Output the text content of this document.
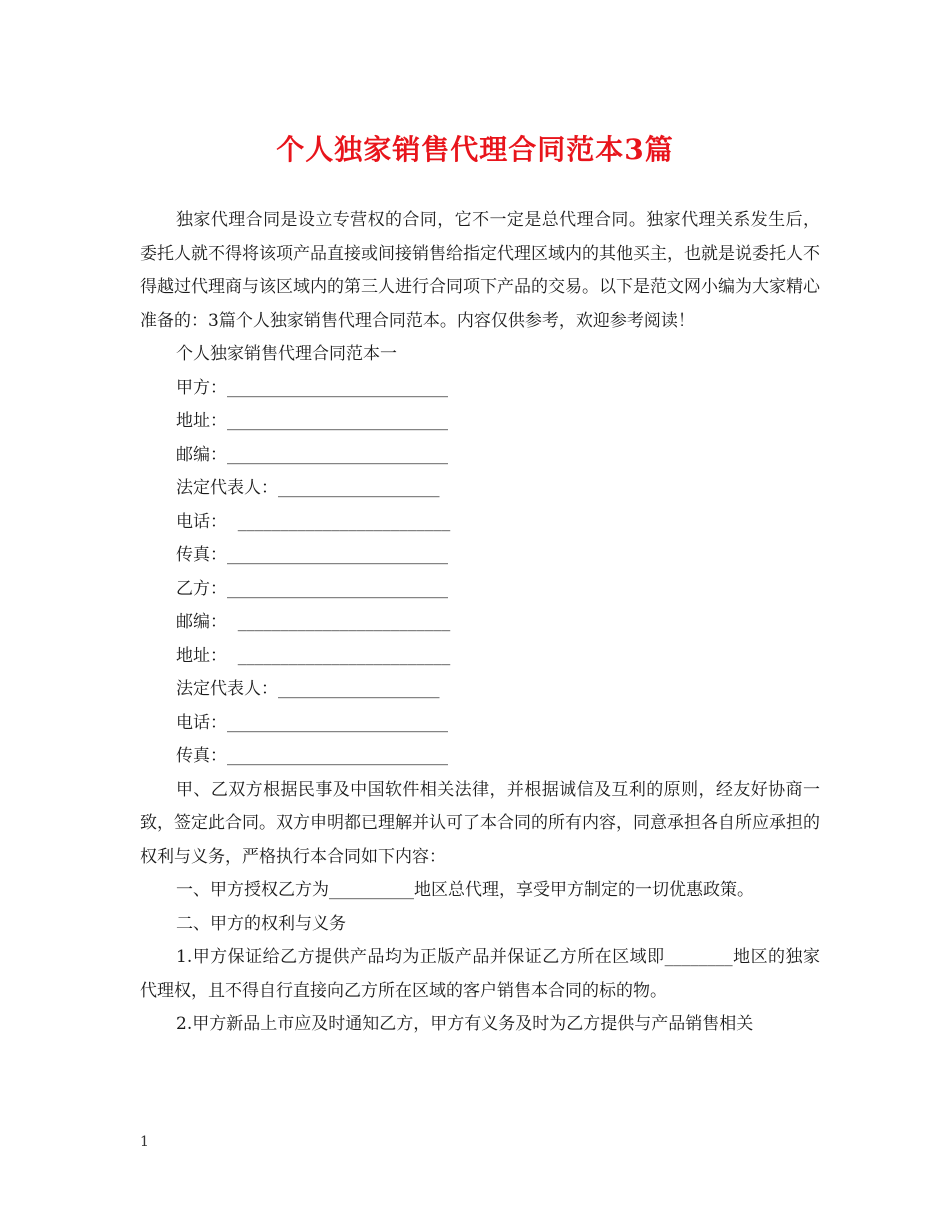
个人独家销售代理合同范本3篇

独家代理合同是设立专营权的合同，它不一定是总代理合同。独家代理关系发生后，委托人就不得将该项产品直接或间接销售给指定代理区域内的其他买主，也就是说委托人不得越过代理商与该区域内的第三人进行合同项下产品的交易。以下是范文网小编为大家精心准备的：3篇个人独家销售代理合同范本。内容仅供参考，欢迎参考阅读！

个人独家销售代理合同范本一

甲方：__________________________

地址：__________________________

邮编：__________________________

法定代表人：___________________

电话：  _________________________

传真：__________________________

乙方：__________________________

邮编：  _________________________

地址：  _________________________

法定代表人：___________________

电话：__________________________

传真：__________________________

甲、乙双方根据民事及中国软件相关法律，并根据诚信及互利的原则，经友好协商一致，签定此合同。双方申明都已理解并认可了本合同的所有内容，同意承担各自所应承担的权利与义务，严格执行本合同如下内容：

一、甲方授权乙方为__________地区总代理，享受甲方制定的一切优惠政策。

二、甲方的权利与义务

1.甲方保证给乙方提供产品均为正版产品并保证乙方所在区域即________地区的独家代理权，且不得自行直接向乙方所在区域的客户销售本合同的标的物。

2.甲方新品上市应及时通知乙方，甲方有义务及时为乙方提供与产品销售相关

1
